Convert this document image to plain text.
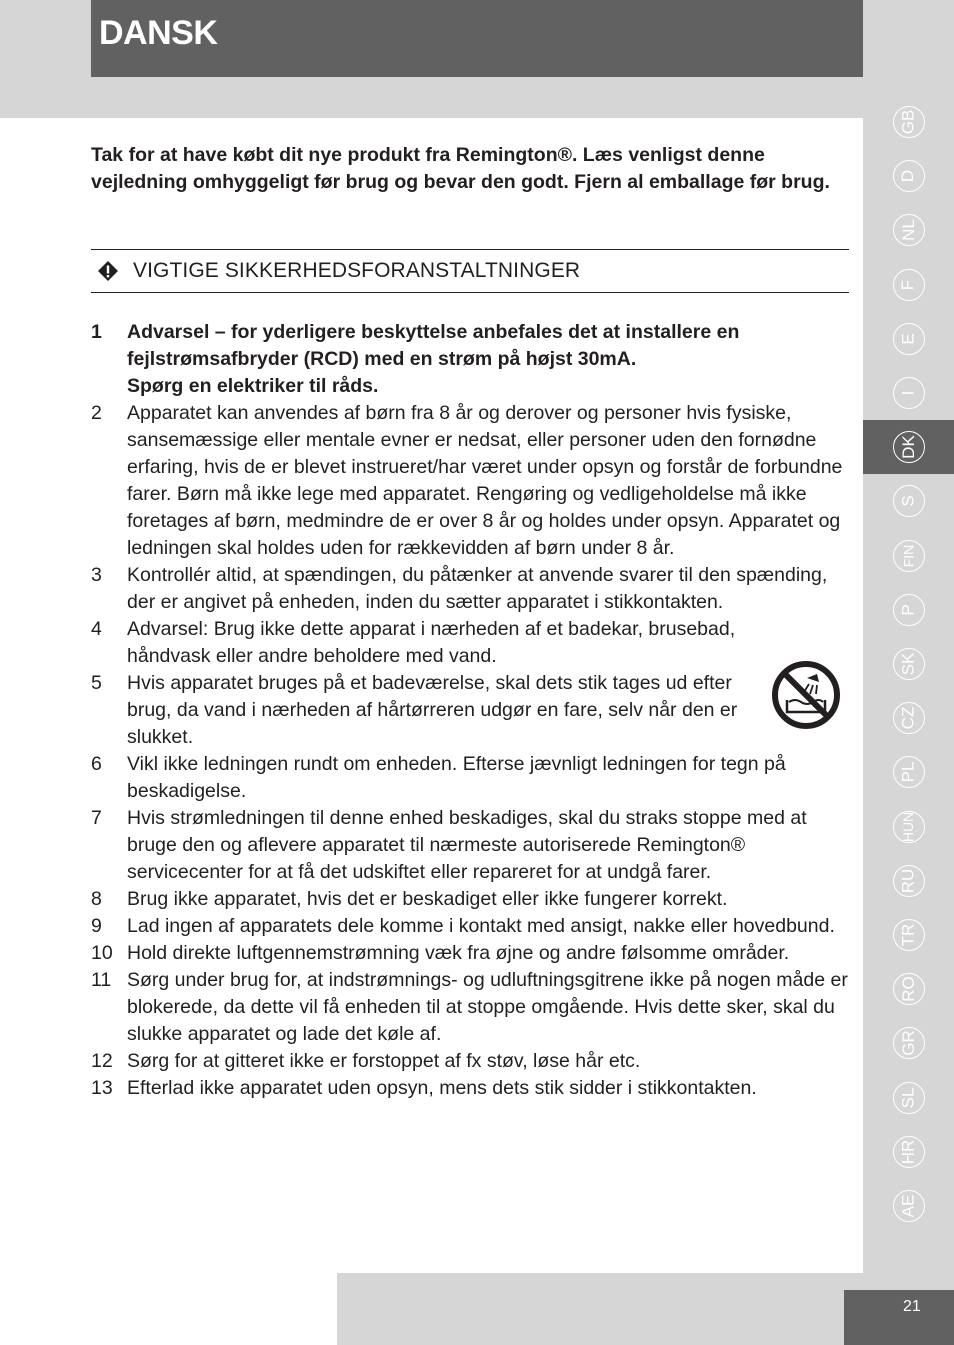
DANSK

Tak for at have købt dit nye produkt fra Remington®. Læs venligst denne vejledning omhyggeligt før brug og bevar den godt. Fjern al emballage før brug.

VIGTIGE SIKKERHEDSFORANSTALTNINGER
1	Advarsel – for yderligere beskyttelse anbefales det at installere en fejlstrømsafbryder (RCD) med en strøm på højst 30mA.
Spørg en elektriker til råds.
2	Apparatet kan anvendes af børn fra 8 år og derover og personer hvis fysiske, sansemæssige eller mentale evner er nedsat, eller personer uden den fornødne erfaring, hvis de er blevet instrueret/har været under opsyn og forstår de forbundne farer. Børn må ikke lege med apparatet. Rengøring og vedligeholdelse må ikke foretages af børn, medmindre de er over 8 år og holdes under opsyn. Apparatet og ledningen skal holdes uden for rækkevidden af børn under 8 år.
3	Kontrollér altid, at spændingen, du påtænker at anvende svarer til den spænding, der er angivet på enheden, inden du sætter apparatet i stikkontakten.
4	Advarsel: Brug ikke dette apparat i nærheden af et badekar, brusebad, håndvask eller andre beholdere med vand.
5	Hvis apparatet bruges på et badeværelse, skal dets stik tages ud efter brug, da vand i nærheden af hårtørreren udgør en fare, selv når den er slukket.
6	Vikl ikke ledningen rundt om enheden. Efterse jævnligt ledningen for tegn på beskadigelse.
7	Hvis strømledningen til denne enhed beskadiges, skal du straks stoppe med at bruge den og aflevere apparatet til nærmeste autoriserede Remington® servicecenter for at få det udskiftet eller repareret for at undgå farer.
8	Brug ikke apparatet, hvis det er beskadiget eller ikke fungerer korrekt.
9	Lad ingen af apparatets dele komme i kontakt med ansigt, nakke eller hovedbund.
10 Hold direkte luftgennemstrømning væk fra øjne og andre følsomme områder.
11 Sørg under brug for, at indstrømnings- og udluftningsgitrene ikke på nogen måde er blokerede, da dette vil få enheden til at stoppe omgående. Hvis dette sker, skal du slukke apparatet og lade det køle af.
12 Sørg for at gitteret ikke er forstoppet af fx støv, løse hår etc.
13 Efterlad ikke apparatet uden opsyn, mens dets stik sidder i stikkontakten.
GB
D
NL
F
E
I
DK
S
FIN
P
SK
CZ
PL
HUN
RU
TR
RO
GR
SL
HR
AE
21
